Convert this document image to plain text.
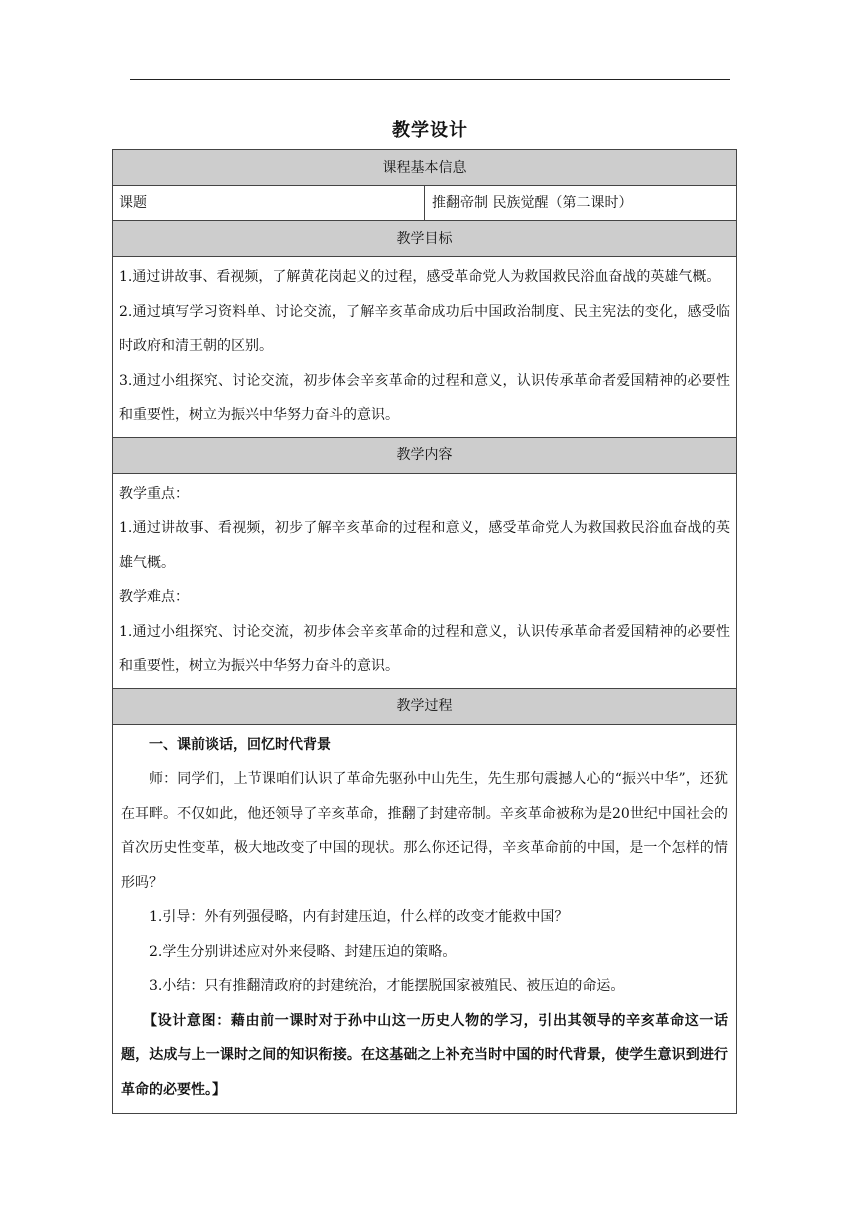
教学设计
课程基本信息
课题	推翻帝制 民族觉醒（第二课时）
教学目标

1.通过讲故事、看视频，了解黄花岗起义的过程，感受革命党人为救国救民浴血奋战的英雄气概。

2.通过填写学习资料单、讨论交流，了解辛亥革命成功后中国政治制度、民主宪法的变化，感受临时政府和清王朝的区别。

3.通过小组探究、讨论交流，初步体会辛亥革命的过程和意义，认识传承革命者爱国精神的必要性和重要性，树立为振兴中华努力奋斗的意识。

教学内容

教学重点：

1.通过讲故事、看视频，初步了解辛亥革命的过程和意义，感受革命党人为救国救民浴血奋战的英雄气概。

教学难点：

1.通过小组探究、讨论交流，初步体会辛亥革命的过程和意义，认识传承革命者爱国精神的必要性和重要性，树立为振兴中华努力奋斗的意识。

教学过程

一、课前谈话，回忆时代背景

师：同学们，上节课咱们认识了革命先驱孙中山先生，先生那句震撼人心的“振兴中华”，还犹在耳畔。不仅如此，他还领导了辛亥革命，推翻了封建帝制。辛亥革命被称为是20世纪中国社会的首次历史性变革，极大地改变了中国的现状。那么你还记得，辛亥革命前的中国，是一个怎样的情形吗？

1.引导：外有列强侵略，内有封建压迫，什么样的改变才能救中国？

2.学生分别讲述应对外来侵略、封建压迫的策略。

3.小结：只有推翻清政府的封建统治，才能摆脱国家被殖民、被压迫的命运。

【设计意图：藉由前一课时对于孙中山这一历史人物的学习，引出其领导的辛亥革命这一话题，达成与上一课时之间的知识衔接。在这基础之上补充当时中国的时代背景，使学生意识到进行革命的必要性。】
